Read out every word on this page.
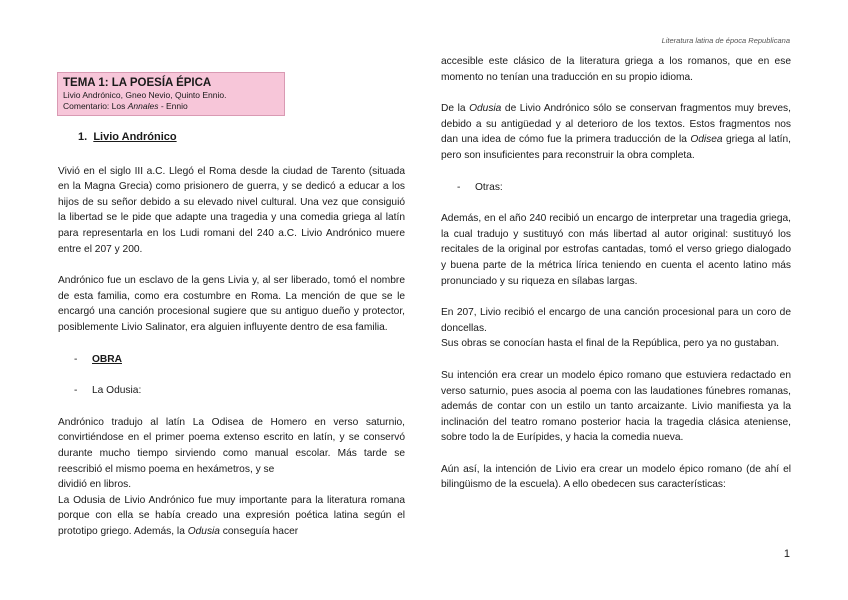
Literatura latina de época Republicana
TEMA 1: LA POESÍA ÉPICA
Livio Andrónico, Gneo Nevio, Quinto Ennio.
Comentario: Los Annales - Ennio
1. Livio Andrónico

Vivió en el siglo III a.C. Llegó el Roma desde la ciudad de Tarento (situada en la Magna Grecia) como prisionero de guerra, y se dedicó a educar a los hijos de su señor debido a su elevado nivel cultural. Una vez que consiguió la libertad se le pide que adapte una tragedia y una comedia griega al latín para representarla en los Ludi romani del 240 a.C. Livio Andrónico muere entre el 207 y 200.

Andrónico fue un esclavo de la gens Livia y, al ser liberado, tomó el nombre de esta familia, como era costumbre en Roma. La mención de que se le encargó una canción procesional sugiere que su antiguo dueño y protector, posiblemente Livio Salinator, era alguien influyente dentro de esa familia.

- OBRA
- La Odusia:

Andrónico tradujo al latín La Odisea de Homero en verso saturnio, convirtiéndose en el primer poema extenso escrito en latín, y se conservó durante mucho tiempo sirviendo como manual escolar. Más tarde se reescribió el mismo poema en hexámetros, y se

dividió en libros.

La Odusia de Livio Andrónico fue muy importante para la literatura romana porque con ella se había creado una expresión poética latina según el prototipo griego. Además, la Odusia conseguía hacer

accesible este clásico de la literatura griega a los romanos, que en ese momento no tenían una traducción en su propio idioma.

De la Odusia de Livio Andrónico sólo se conservan fragmentos muy breves, debido a su antigüedad y al deterioro de los textos. Estos fragmentos nos dan una idea de cómo fue la primera traducción de la Odisea griega al latín, pero son insuficientes para reconstruir la obra completa.

- Otras:

Además, en el año 240 recibió un encargo de interpretar una tragedia griega, la cual tradujo y sustituyó con más libertad al autor original: sustituyó los recitales de la original por estrofas cantadas, tomó el verso griego dialogado y buena parte de la métrica lírica teniendo en cuenta el acento latino más pronunciado y su riqueza en sílabas largas.

En 207, Livio recibió el encargo de una canción procesional para un coro de doncellas.

Sus obras se conocían hasta el final de la República, pero ya no gustaban.

Su intención era crear un modelo épico romano que estuviera redactado en verso saturnio, pues asocia al poema con las laudationes fúnebres romanas, además de contar con un estilo un tanto arcaizante. Livio manifiesta ya la inclinación del teatro romano posterior hacia la tragedia clásica ateniense, sobre todo la de Eurípides, y hacia la comedia nueva.

Aún así, la intención de Livio era crear un modelo épico romano (de ahí el bilingüismo de la escuela). A ello obedecen sus características:

1
